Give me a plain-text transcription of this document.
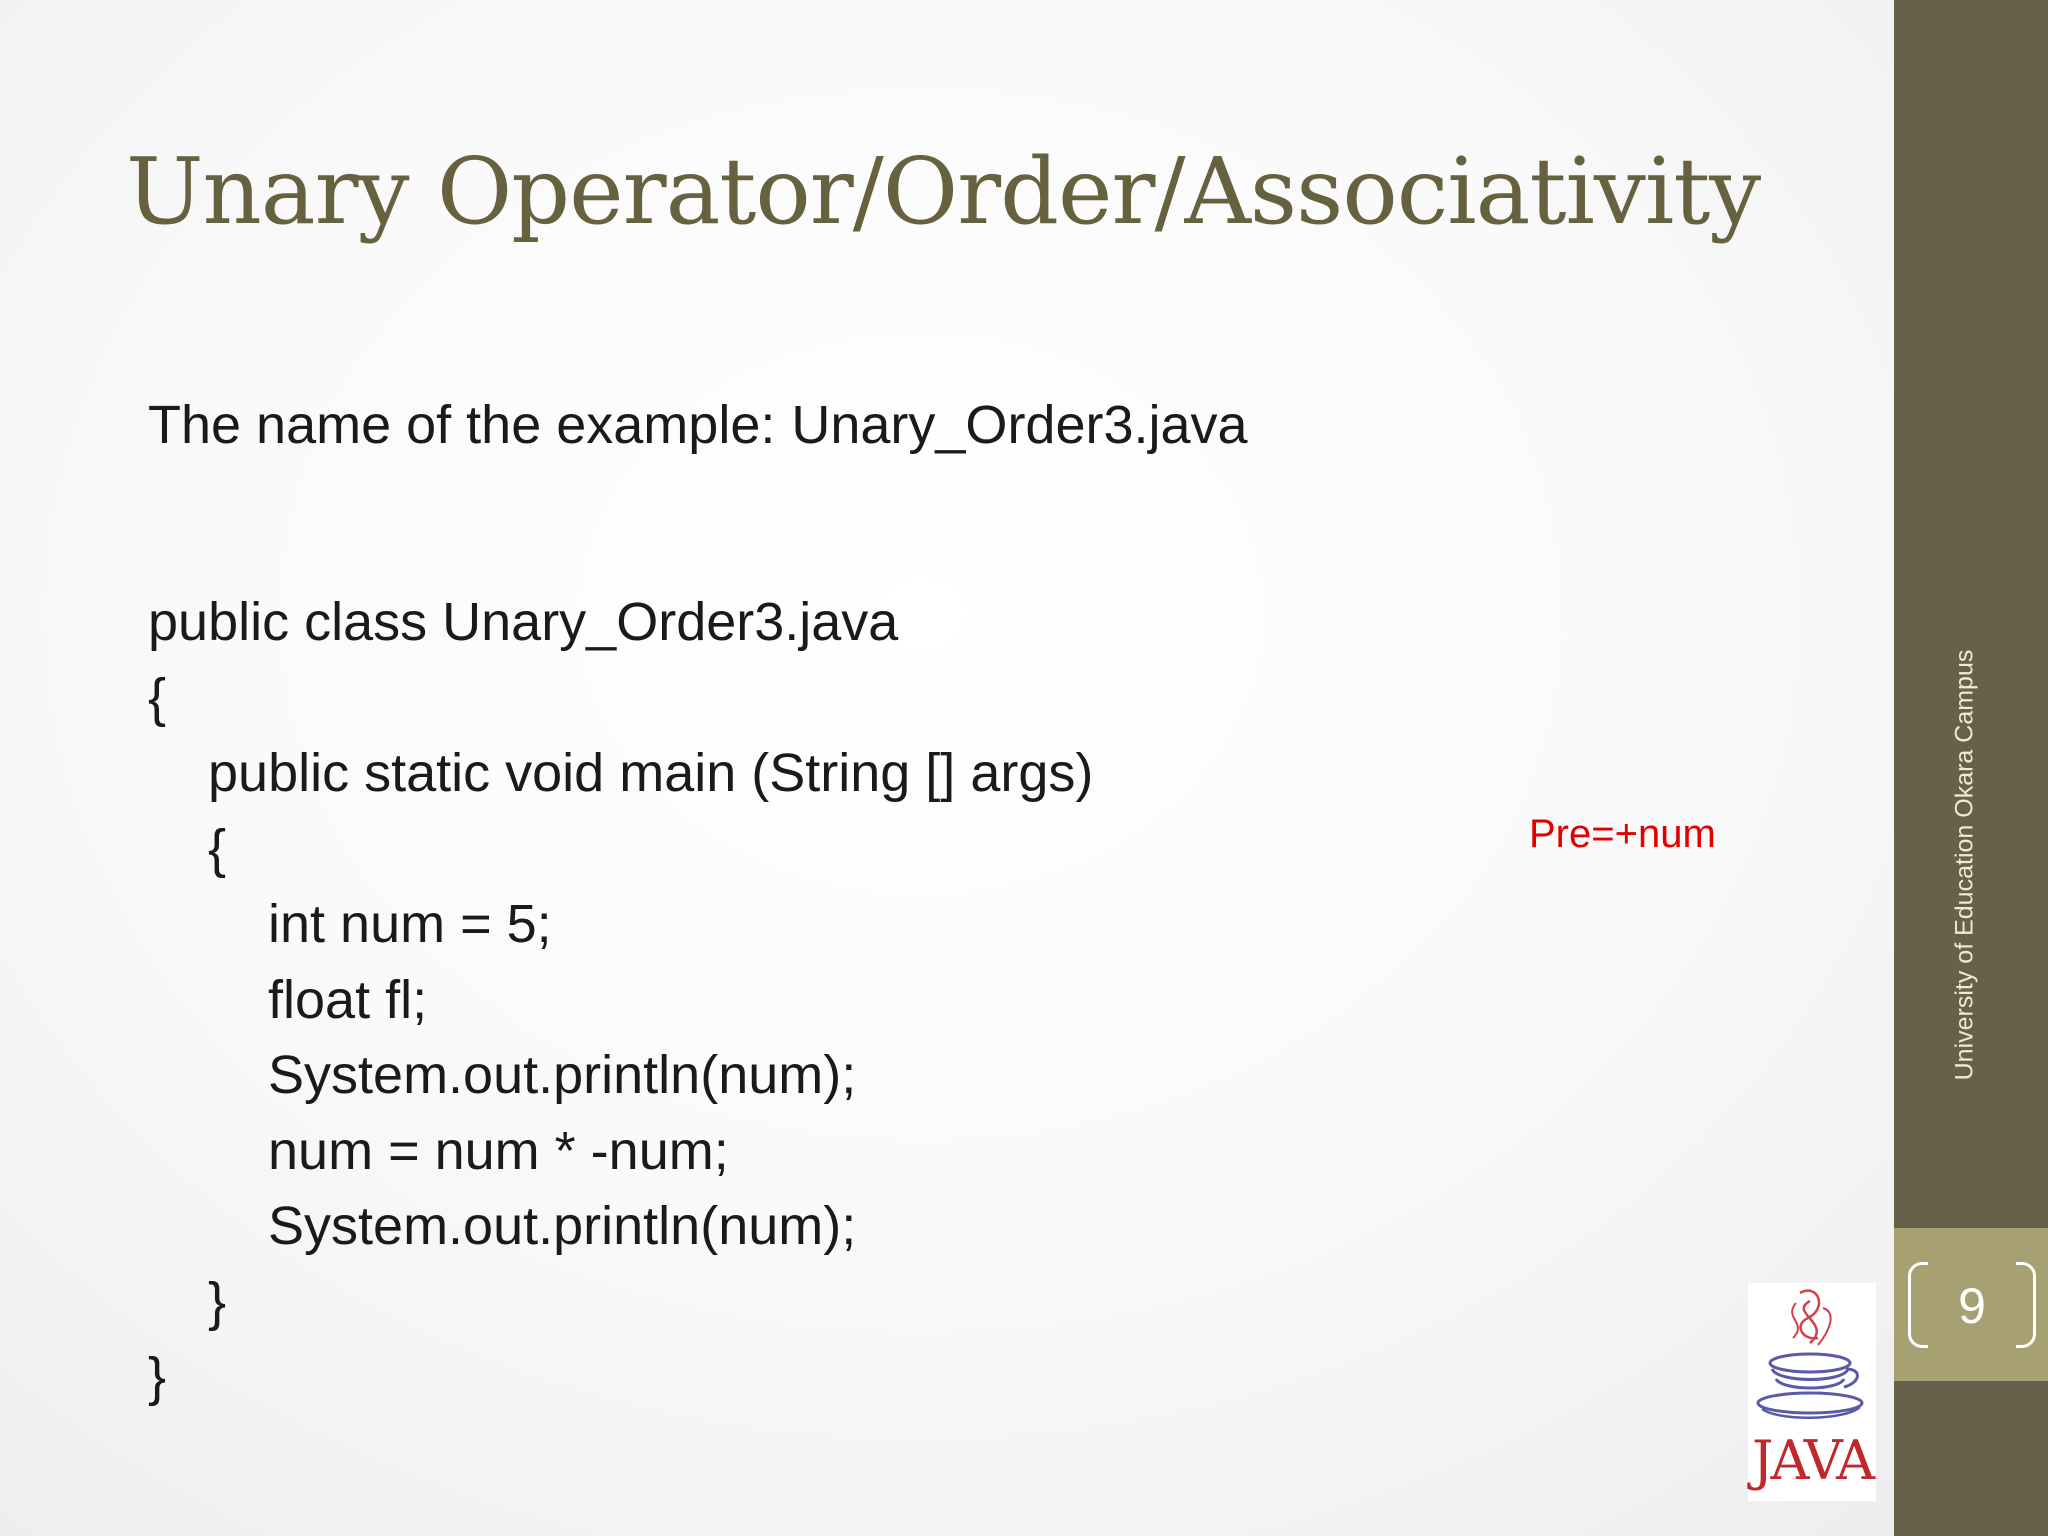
Unary Operator/Order/Associativity
The name of the example: Unary_Order3.java
public class Unary_Order3.java
{
public static void main (String [] args)
{
int num = 5;
float fl;
System.out.println(num);
num = num * -num;
System.out.println(num);
}
}
Pre=+num	University of Education Okara Campus
9
JAVA
